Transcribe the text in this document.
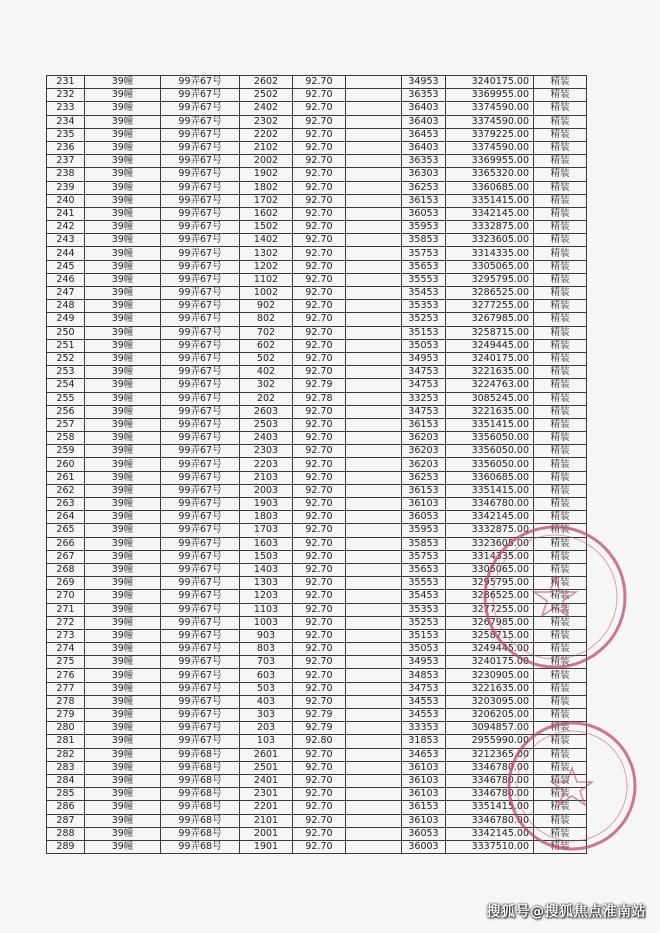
231	39幢	99弄67号	2602	92.70		34953	3240175.00	精装
232	39幢	99弄67号	2502	92.70		36353	3369955.00	精装
233	39幢	99弄67号	2402	92.70		36403	3374590.00	精装
234	39幢	99弄67号	2302	92.70		36403	3374590.00	精装
235	39幢	99弄67号	2202	92.70		36453	3379225.00	精装
236	39幢	99弄67号	2102	92.70		36403	3374590.00	精装
237	39幢	99弄67号	2002	92.70		36353	3369955.00	精装
238	39幢	99弄67号	1902	92.70		36303	3365320.00	精装
239	39幢	99弄67号	1802	92.70		36253	3360685.00	精装
240	39幢	99弄67号	1702	92.70		36153	3351415.00	精装
241	39幢	99弄67号	1602	92.70		36053	3342145.00	精装
242	39幢	99弄67号	1502	92.70		35953	3332875.00	精装
243	39幢	99弄67号	1402	92.70		35853	3323605.00	精装
244	39幢	99弄67号	1302	92.70		35753	3314335.00	精装
245	39幢	99弄67号	1202	92.70		35653	3305065.00	精装
246	39幢	99弄67号	1102	92.70		35553	3295795.00	精装
247	39幢	99弄67号	1002	92.70		35453	3286525.00	精装
248	39幢	99弄67号	902	92.70		35353	3277255.00	精装
249	39幢	99弄67号	802	92.70		35253	3267985.00	精装
250	39幢	99弄67号	702	92.70		35153	3258715.00	精装
251	39幢	99弄67号	602	92.70		35053	3249445.00	精装
252	39幢	99弄67号	502	92.70		34953	3240175.00	精装
253	39幢	99弄67号	402	92.70		34753	3221635.00	精装
254	39幢	99弄67号	302	92.79		34753	3224763.00	精装
255	39幢	99弄67号	202	92.78		33253	3085245.00	精装
256	39幢	99弄67号	2603	92.70		34753	3221635.00	精装
257	39幢	99弄67号	2503	92.70		36153	3351415.00	精装
258	39幢	99弄67号	2403	92.70		36203	3356050.00	精装
259	39幢	99弄67号	2303	92.70		36203	3356050.00	精装
260	39幢	99弄67号	2203	92.70		36203	3356050.00	精装
261	39幢	99弄67号	2103	92.70		36253	3360685.00	精装
262	39幢	99弄67号	2003	92.70		36153	3351415.00	精装
263	39幢	99弄67号	1903	92.70		36103	3346780.00	精装
264	39幢	99弄67号	1803	92.70		36053	3342145.00	精装
265	39幢	99弄67号	1703	92.70		35953	3332875.00	精装
266	39幢	99弄67号	1603	92.70		35853	3323605.00	精装
267	39幢	99弄67号	1503	92.70		35753	3314335.00	精装
268	39幢	99弄67号	1403	92.70		35653	3305065.00	精装
269	39幢	99弄67号	1303	92.70		35553	3295795.00	精装
270	39幢	99弄67号	1203	92.70		35453	3286525.00	精装
271	39幢	99弄67号	1103	92.70		35353	3277255.00	精装
272	39幢	99弄67号	1003	92.70		35253	3267985.00	精装
273	39幢	99弄67号	903	92.70		35153	3258715.00	精装
274	39幢	99弄67号	803	92.70		35053	3249445.00	精装
275	39幢	99弄67号	703	92.70		34953	3240175.00	精装
276	39幢	99弄67号	603	92.70		34853	3230905.00	精装
277	39幢	99弄67号	503	92.70		34753	3221635.00	精装
278	39幢	99弄67号	403	92.70		34553	3203095.00	精装
279	39幢	99弄67号	303	92.79		34553	3206205.00	精装
280	39幢	99弄67号	203	92.79		33353	3094857.00	精装
281	39幢	99弄67号	103	92.80		31853	2955990.00	精装
282	39幢	99弄68号	2601	92.70		34653	3212365.00	精装
283	39幢	99弄68号	2501	92.70		36103	3346780.00	精装
284	39幢	99弄68号	2401	92.70		36103	3346780.00	精装
285	39幢	99弄68号	2301	92.70		36103	3346780.00	精装
286	39幢	99弄68号	2201	92.70		36153	3351415.00	精装
287	39幢	99弄68号	2101	92.70		36103	3346780.00	精装
288	39幢	99弄68号	2001	92.70		36053	3342145.00	精装
289	39幢	99弄68号	1901	92.70		36003	3337510.00	精装
搜狐号@搜狐焦点淮南站
